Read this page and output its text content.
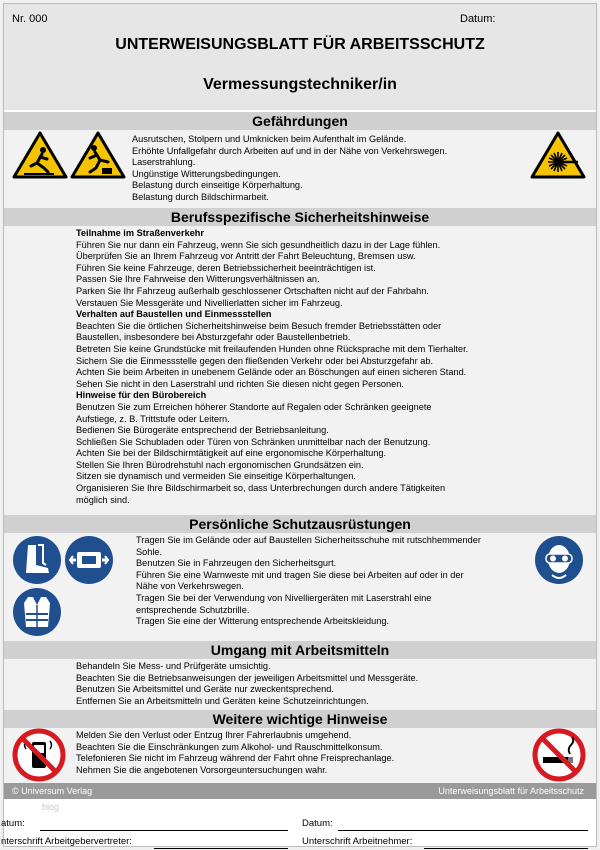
Nr. 000	Datum:
UNTERWEISUNGSBLATT FÜR ARBEITSSCHUTZ
Vermessungstechniker/in
Gefährdungen
Ausrutschen, Stolpern und Umknicken beim Aufenthalt im Gelände.
Erhöhte Unfallgefahr durch Arbeiten auf und in der Nähe von Verkehrswegen.
Laserstrahlung.
Ungünstige Witterungsbedingungen.
Belastung durch einseitige Körperhaltung.
Belastung durch Bildschirmarbeit.
Berufsspezifische Sicherheitshinweise
Teilnahme im Straßenverkehr
Führen Sie nur dann ein Fahrzeug, wenn Sie sich gesundheitlich dazu in der Lage fühlen.
Überprüfen Sie an Ihrem Fahrzeug vor Antritt der Fahrt Beleuchtung, Bremsen usw.
Führen Sie keine Fahrzeuge, deren Betriebssicherheit beeinträchtigen ist.
Passen Sie Ihre Fahrweise den Witterungsverhältnissen an.
Parken Sie Ihr Fahrzeug außerhalb geschlossener Ortschaften nicht auf der Fahrbahn.
Verstauen Sie Messgeräte und Nivellierlatten sicher im Fahrzeug.
Verhalten auf Baustellen und Einmessstellen
Beachten Sie die örtlichen Sicherheitshinweise beim Besuch fremder Betriebsstätten oder
Baustellen, insbesondere bei Absturzgefahr oder Baustellenbetrieb.
Betreten Sie keine Grundstücke mit freilaufenden Hunden ohne Rücksprache mit dem Tierhalter.
Sichern Sie die Einmessstelle gegen den fließenden Verkehr oder bei Absturzgefahr ab.
Achten Sie beim Arbeiten in unebenem Gelände oder an Böschungen auf einen sicheren Stand.
Sehen Sie nicht in den Laserstrahl und richten Sie diesen nicht gegen Personen.
Hinweise für den Bürobereich
Benutzen Sie zum Erreichen höherer Standorte auf Regalen oder Schränken geeignete
Aufstiege, z. B. Trittstufe oder Leitern.
Bedienen Sie Bürogeräte entsprechend der Betriebsanleitung.
Schließen Sie Schubladen oder Türen von Schränken unmittelbar nach der Benutzung.
Achten Sie bei der Bildschirmtätigkeit auf eine ergonomische Körperhaltung.
Stellen Sie Ihren Bürodrehstuhl nach ergonomischen Grundsätzen ein.
Sitzen sie dynamisch und vermeiden Sie einseitige Körperhaltungen.
Organisieren Sie Ihre Bildschirmarbeit so, dass Unterbrechungen durch andere Tätigkeiten
möglich sind.
Persönliche Schutzausrüstungen
Tragen Sie im Gelände oder auf Baustellen Sicherheitsschuhe mit rutschhemmender
Sohle.
Benutzen Sie in Fahrzeugen den Sicherheitsgurt.
Führen Sie eine Warnweste mit und tragen Sie diese bei Arbeiten auf oder in der
Nähe von Verkehrswegen.
Tragen Sie bei der Verwendung von Nivelliergeräten mit Laserstrahl eine
entsprechende Schutzbrille.
Tragen Sie eine der Witterung entsprechende Arbeitskleidung.
Umgang mit Arbeitsmitteln
Behandeln Sie Mess- und Prüfgeräte umsichtig.
Beachten Sie die Betriebsanweisungen der jeweiligen Arbeitsmittel und Messgeräte.
Benutzen Sie Arbeitsmittel und Geräte nur zweckentsprechend.
Entfernen Sie an Arbeitsmitteln und Geräten keine Schutzeinrichtungen.
Weitere wichtige Hinweise
Melden Sie den Verlust oder Entzug Ihrer Fahrerlaubnis umgehend.
Beachten Sie die Einschränkungen zum Alkohol- und Rauschmittelkonsum.
Telefonieren Sie nicht im Fahrzeug während der Fahrt ohne Freisprechanlage.
Nehmen Sie die angebotenen Vorsorgeuntersuchungen wahr.
© Universum Verlag	Unterweisungsblatt für Arbeitsschutz
blog
atum:	Datum:
nterschrift Arbeitgebervertreter:	Unterschrift Arbeitnehmer:
